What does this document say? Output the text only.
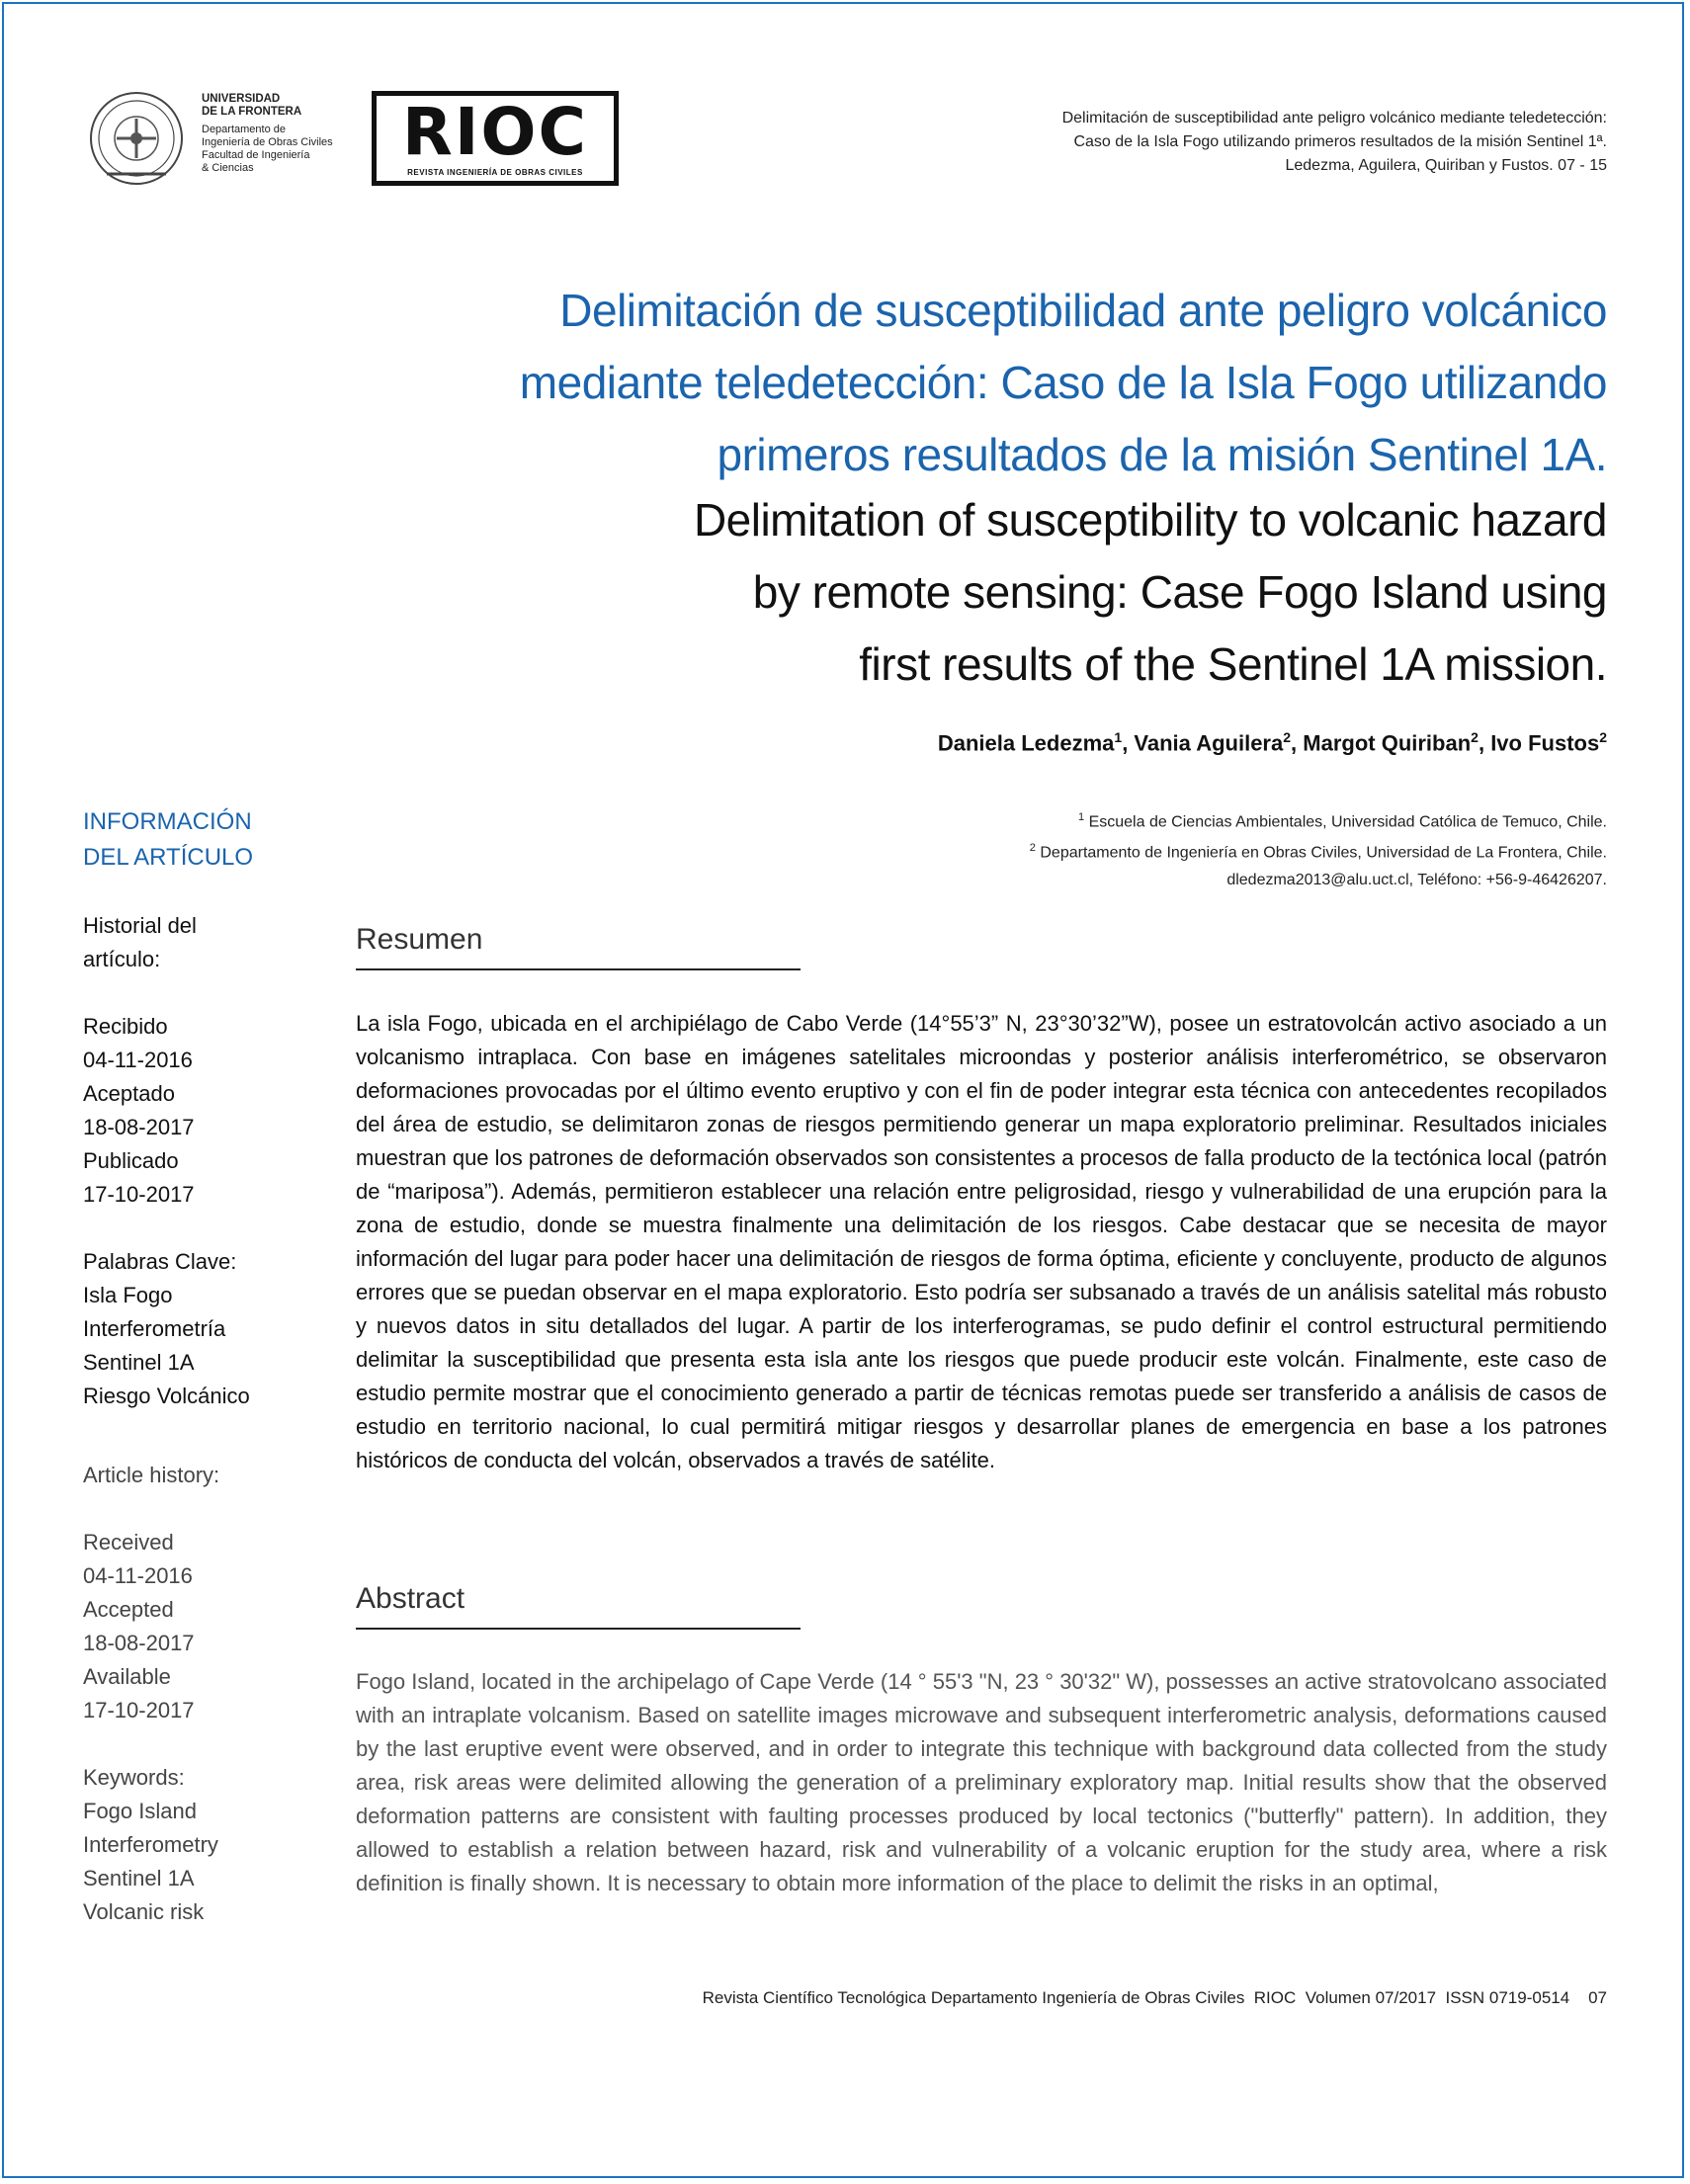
UNIVERSIDAD
DE LA FRONTERA
Departamento de
Ingeniería de Obras Civiles
Facultad de Ingeniería
& Ciencias	RIOC
REVISTA INGENIERÍA DE OBRAS CIVILES
Delimitación de susceptibilidad ante peligro volcánico mediante teledetección:
Caso de la Isla Fogo utilizando primeros resultados de la misión Sentinel 1ª.
Ledezma, Aguilera, Quiriban y Fustos. 07 - 15
Delimitación de susceptibilidad ante peligro volcánico
mediante teledetección: Caso de la Isla Fogo utilizando
primeros resultados de la misión Sentinel 1A.
Delimitation of susceptibility to volcanic hazard
by remote sensing: Case Fogo Island using
first results of the Sentinel 1A mission.
Daniela Ledezma$^1$, Vania Aguilera$^2$, Margot Quiriban$^2$, Ivo Fustos$^2$
$^1$ Escuela de Ciencias Ambientales, Universidad Católica de Temuco, Chile.
$^2$ Departamento de Ingeniería en Obras Civiles, Universidad de La Frontera, Chile.
dledezma2013@alu.uct.cl, Teléfono: +56-9-46426207.
INFORMACIÓN
DEL ARTÍCULO
Historial del
artículo:
Recibido
04-11-2016
Aceptado
18-08-2017
Publicado
17-10-2017
Palabras Clave:
Isla Fogo
Interferometría
Sentinel 1A
Riesgo Volcánico
Article history:
Received
04-11-2016
Accepted
18-08-2017
Available
17-10-2017
Keywords:
Fogo Island
Interferometry
Sentinel 1A
Volcanic risk
Resumen
La isla Fogo, ubicada en el archipiélago de Cabo Verde (14°55’3” N, 23°30’32”W), posee un estratovolcán activo asociado a un volcanismo intraplaca. Con base en imágenes satelitales microondas y posterior análisis interferométrico, se observaron deformaciones provocadas por el último evento eruptivo y con el fin de poder integrar esta técnica con antecedentes recopilados del área de estudio, se delimitaron zonas de riesgos permitiendo generar un mapa exploratorio preliminar. Resultados iniciales muestran que los patrones de deformación observados son consistentes a procesos de falla producto de la tectónica local (patrón de “mariposa”). Además, permitieron establecer una relación entre peligrosidad, riesgo y vulnerabilidad de una erupción para la zona de estudio, donde se muestra finalmente una delimitación de los riesgos. Cabe destacar que se necesita de mayor información del lugar para poder hacer una delimitación de riesgos de forma óptima, eficiente y concluyente, producto de algunos errores que se puedan observar en el mapa exploratorio. Esto podría ser subsanado a través de un análisis satelital más robusto y nuevos datos in situ detallados del lugar. A partir de los interferogramas, se pudo definir el control estructural permitiendo delimitar la susceptibilidad que presenta esta isla ante los riesgos que puede producir este volcán. Finalmente, este caso de estudio permite mostrar que el conocimiento generado a partir de técnicas remotas puede ser transferido a análisis de casos de estudio en territorio nacional, lo cual permitirá mitigar riesgos y desarrollar planes de emergencia en base a los patrones históricos de conducta del volcán, observados a través de satélite.
Abstract
Fogo Island, located in the archipelago of Cape Verde (14 ° 55'3 "N, 23 ° 30'32" W), possesses an active stratovolcano associated with an intraplate volcanism. Based on satellite images microwave and subsequent interferometric analysis, deformations caused by the last eruptive event were observed, and in order to integrate this technique with background data collected from the study area, risk areas were delimited allowing the generation of a preliminary exploratory map. Initial results show that the observed deformation patterns are consistent with faulting processes produced by local tectonics ("butterfly" pattern). In addition, they allowed to establish a relation between hazard, risk and vulnerability of a volcanic eruption for the study area, where a risk definition is finally shown. It is necessary to obtain more information of the place to delimit the risks in an optimal,
Revista Científico Tecnológica Departamento Ingeniería de Obras Civiles  RIOC  Volumen 07/2017  ISSN 0719-0514    07
